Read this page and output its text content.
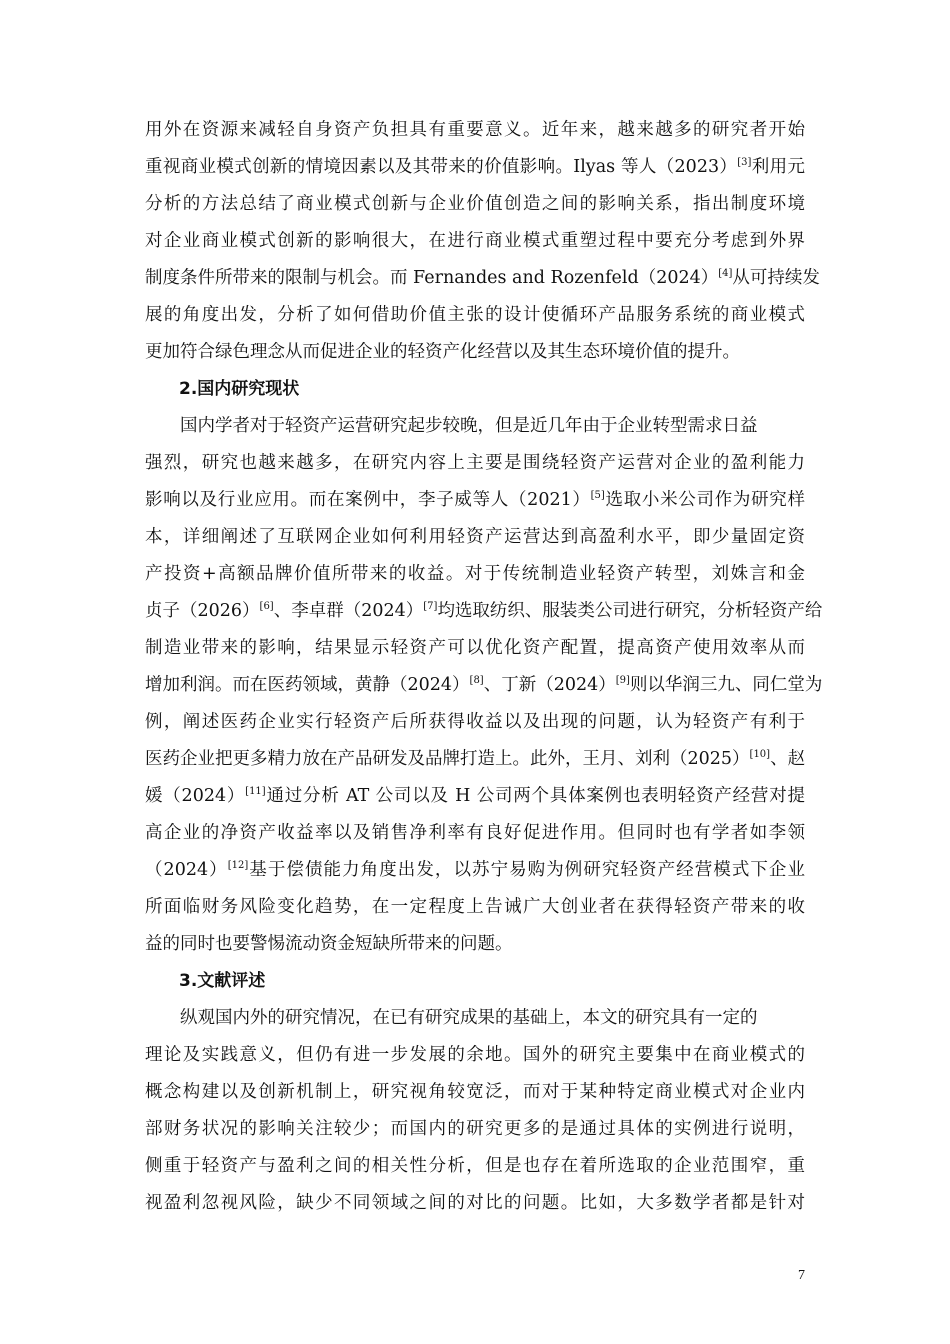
用外在资源来减轻自身资产负担具有重要意义。近年来，越来越多的研究者开始
重视商业模式创新的情境因素以及其带来的价值影响。Ilyas 等人（2023）[3]利用元
分析的方法总结了商业模式创新与企业价值创造之间的影响关系，指出制度环境
对企业商业模式创新的影响很大，在进行商业模式重塑过程中要充分考虑到外界
制度条件所带来的限制与机会。而 Fernandes and Rozenfeld（2024）[4]从可持续发
展的角度出发，分析了如何借助价值主张的设计使循环产品服务系统的商业模式
更加符合绿色理念从而促进企业的轻资产化经营以及其生态环境价值的提升。
2.国内研究现状
国内学者对于轻资产运营研究起步较晚，但是近几年由于企业转型需求日益
强烈，研究也越来越多，在研究内容上主要是围绕轻资产运营对企业的盈利能力
影响以及行业应用。而在案例中，李子威等人（2021）[5]选取小米公司作为研究样
本，详细阐述了互联网企业如何利用轻资产运营达到高盈利水平，即少量固定资
产投资+高额品牌价值所带来的收益。对于传统制造业轻资产转型，刘姝言和金
贞子（2026）[6]、李卓群（2024）[7]均选取纺织、服装类公司进行研究，分析轻资产给
制造业带来的影响，结果显示轻资产可以优化资产配置，提高资产使用效率从而
增加利润。而在医药领域，黄静（2024）[8]、丁新（2024）[9]则以华润三九、同仁堂为
例，阐述医药企业实行轻资产后所获得收益以及出现的问题，认为轻资产有利于
医药企业把更多精力放在产品研发及品牌打造上。此外，王月、刘利（2025）[10]、赵
媛（2024）[11]通过分析 AT 公司以及 H 公司两个具体案例也表明轻资产经营对提
高企业的净资产收益率以及销售净利率有良好促进作用。但同时也有学者如李领
（2024）[12]基于偿债能力角度出发，以苏宁易购为例研究轻资产经营模式下企业
所面临财务风险变化趋势，在一定程度上告诫广大创业者在获得轻资产带来的收
益的同时也要警惕流动资金短缺所带来的问题。
3.文献评述
纵观国内外的研究情况，在已有研究成果的基础上，本文的研究具有一定的
理论及实践意义，但仍有进一步发展的余地。国外的研究主要集中在商业模式的
概念构建以及创新机制上，研究视角较宽泛，而对于某种特定商业模式对企业内
部财务状况的影响关注较少；而国内的研究更多的是通过具体的实例进行说明，
侧重于轻资产与盈利之间的相关性分析，但是也存在着所选取的企业范围窄，重
视盈利忽视风险，缺少不同领域之间的对比的问题。比如，大多数学者都是针对
7
